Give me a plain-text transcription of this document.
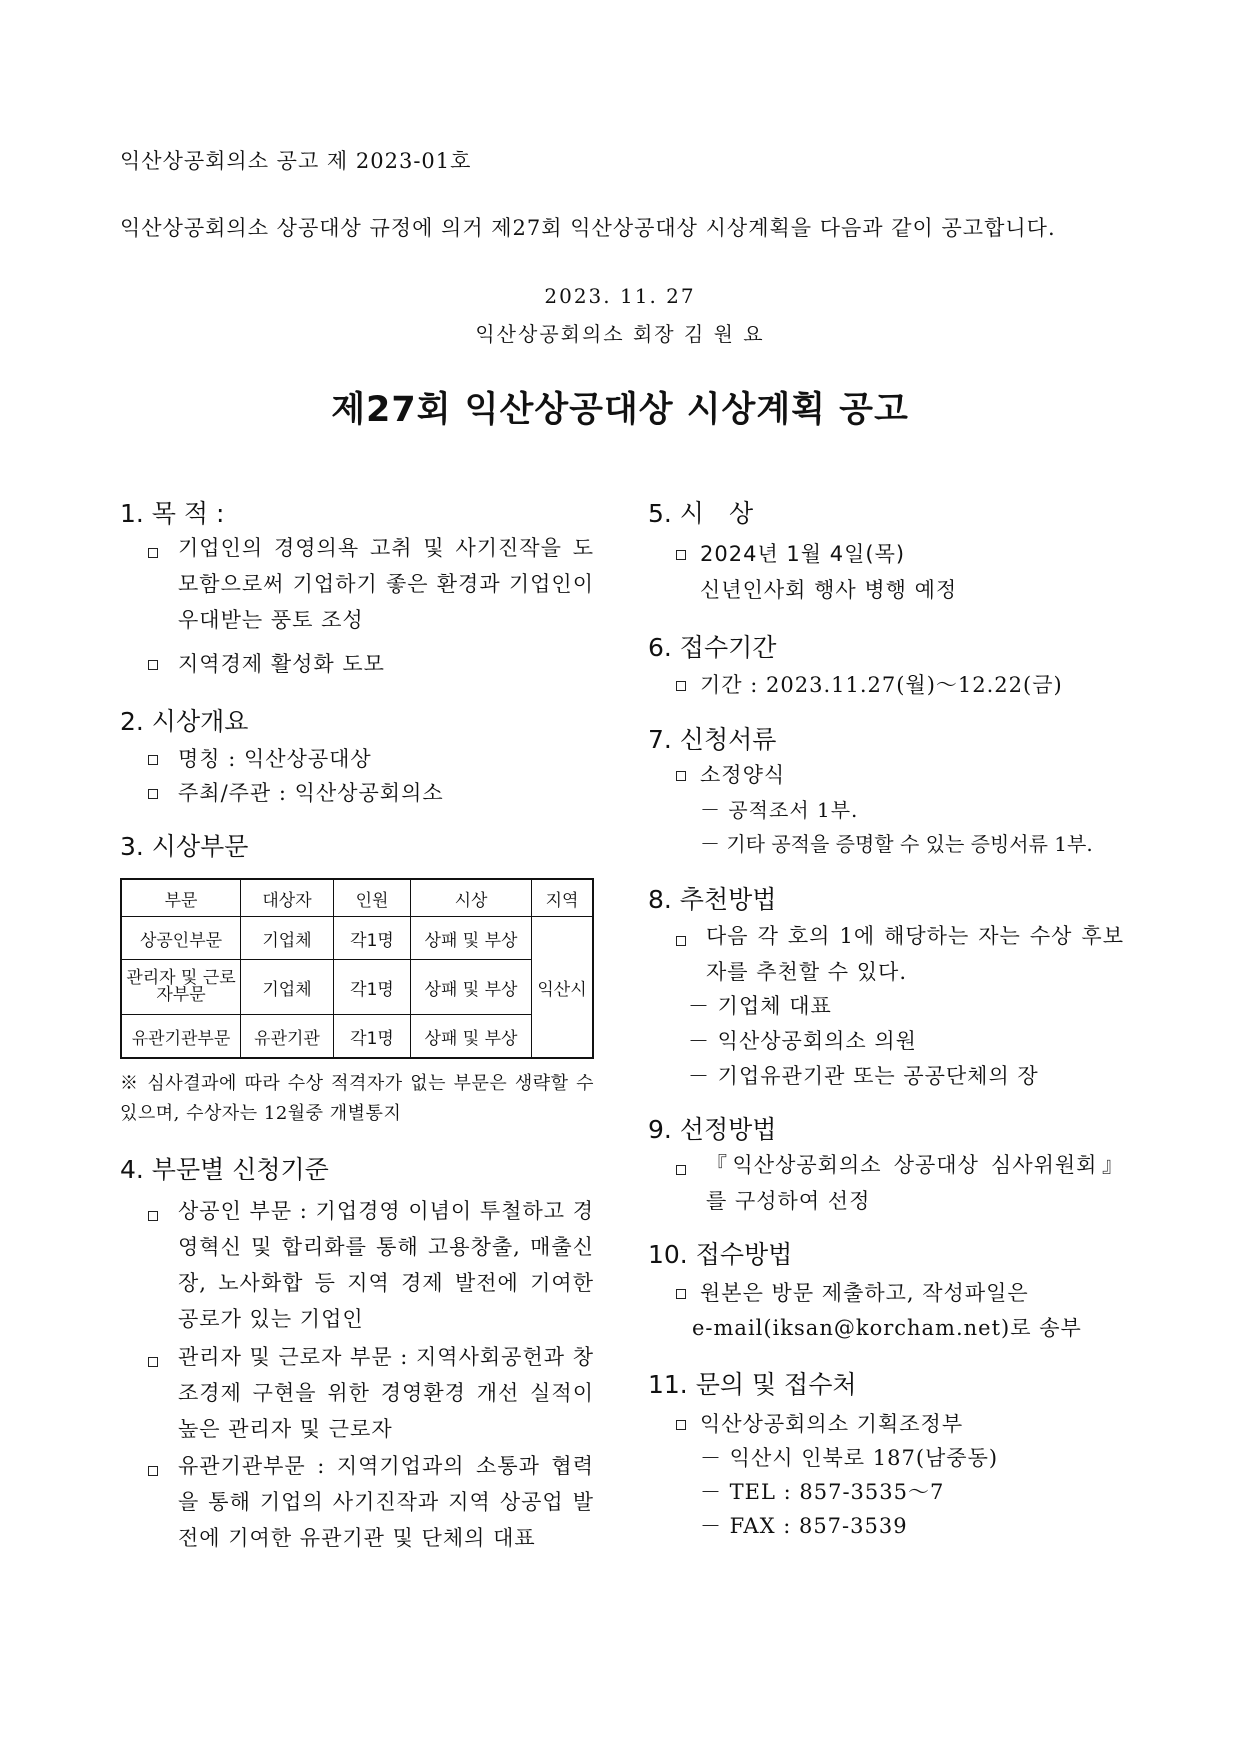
익산상공회의소 공고 제 2023-01호
익산상공회의소 상공대상 규정에 의거 제27회 익산상공대상 시상계획을 다음과 같이 공고합니다.
2023. 11. 27
익산상공회의소 회장 김 원 요
제27회 익산상공대상 시상계획 공고
1. 목 적 :
기업인의 경영의욕 고취 및 사기진작을 도모함으로써 기업하기 좋은 환경과 기업인이 우대받는 풍토 조성
지역경제 활성화 도모
2. 시상개요
명칭 : 익산상공대상
주최/주관 : 익산상공회의소
3. 시상부문
부문	대상자	인원	시상	지역
상공인부문	기업체	각1명	상패 및 부상	익산시
관리자 및 근로자부문	기업체	각1명	상패 및 부상	
유관기관부문	유관기관	각1명	상패 및 부상	
※ 심사결과에 따라 수상 적격자가 없는 부문은 생략할 수 있으며, 수상자는 12월중 개별통지
4. 부문별 신청기준
상공인 부문 : 기업경영 이념이 투철하고 경영혁신 및 합리화를 통해 고용창출, 매출신장, 노사화합 등 지역 경제 발전에 기여한 공로가 있는 기업인
관리자 및 근로자 부문 : 지역사회공헌과 창조경제 구현을 위한 경영환경 개선 실적이 높은 관리자 및 근로자
유관기관부문 : 지역기업과의 소통과 협력을 통해 기업의 사기진작과 지역 상공업 발전에 기여한 유관기관 및 단체의 대표
5. 시　상
2024년 1월 4일(목)
신년인사회 행사 병행 예정
6. 접수기간
기간 : 2023.11.27(월)～12.22(금)
7. 신청서류
소정양식
－ 공적조서 1부.
－ 기타 공적을 증명할 수 있는 증빙서류 1부.
8. 추천방법
다음 각 호의 1에 해당하는 자는 수상 후보자를 추천할 수 있다.
－ 기업체 대표
－ 익산상공회의소 의원
－ 기업유관기관 또는 공공단체의 장
9. 선정방법
『익산상공회의소 상공대상 심사위원회』를 구성하여 선정
10. 접수방법
원본은 방문 제출하고, 작성파일은
e-mail(iksan@korcham.net)로 송부
11. 문의 및 접수처
익산상공회의소 기획조정부
－ 익산시 인북로 187(남중동)
－ TEL : 857-3535～7
－ FAX : 857-3539
